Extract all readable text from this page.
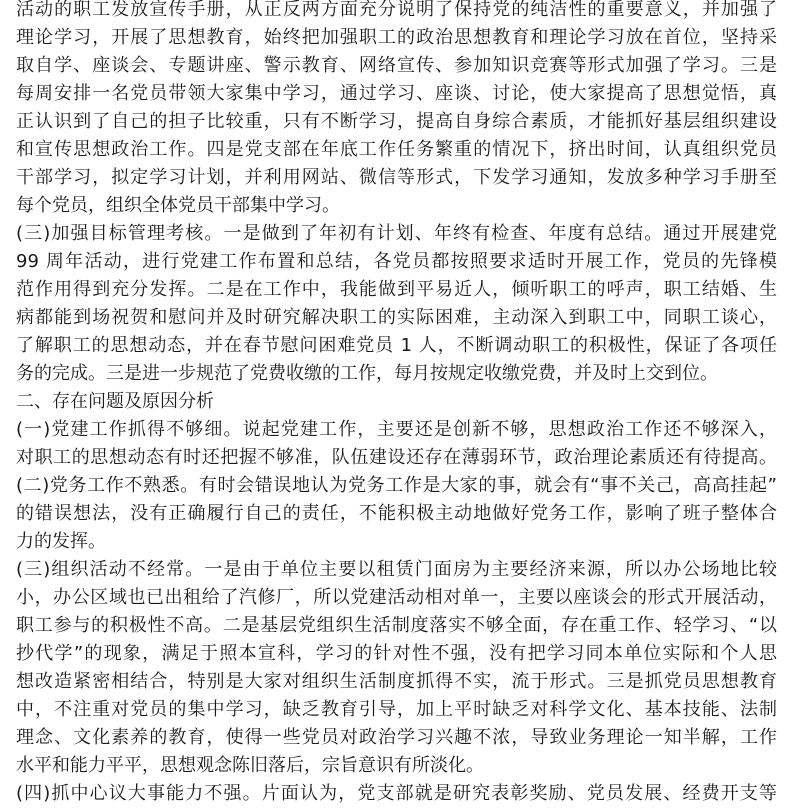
活动的职工发放宣传手册，从正反两方面充分说明了保持党的纯洁性的重要意义，并加强了
理论学习，开展了思想教育，始终把加强职工的政治思想教育和理论学习放在首位，坚持采
取自学、座谈会、专题讲座、警示教育、网络宣传、参加知识竞赛等形式加强了学习。三是
每周安排一名党员带领大家集中学习，通过学习、座谈、讨论，使大家提高了思想觉悟，真
正认识到了自己的担子比较重，只有不断学习，提高自身综合素质，才能抓好基层组织建设
和宣传思想政治工作。四是党支部在年底工作任务繁重的情况下，挤出时间，认真组织党员
干部学习，拟定学习计划，并利用网站、微信等形式，下发学习通知，发放多种学习手册至
每个党员，组织全体党员干部集中学习。
(三)加强目标管理考核。一是做到了年初有计划、年终有检查、年度有总结。通过开展建党
99 周年活动，进行党建工作布置和总结，各党员都按照要求适时开展工作，党员的先锋模
范作用得到充分发挥。二是在工作中，我能做到平易近人，倾听职工的呼声，职工结婚、生
病都能到场祝贺和慰问并及时研究解决职工的实际困难，主动深入到职工中，同职工谈心，
了解职工的思想动态，并在春节慰问困难党员 1 人，不断调动职工的积极性，保证了各项任
务的完成。三是进一步规范了党费收缴的工作，每月按规定收缴党费，并及时上交到位。
二、存在问题及原因分析
(一)党建工作抓得不够细。说起党建工作，主要还是创新不够，思想政治工作还不够深入，
对职工的思想动态有时还把握不够准，队伍建设还存在薄弱环节，政治理论素质还有待提高。
(二)党务工作不熟悉。有时会错误地认为党务工作是大家的事，就会有“事不关己，高高挂起”
的错误想法，没有正确履行自己的责任，不能积极主动地做好党务工作，影响了班子整体合
力的发挥。
(三)组织活动不经常。一是由于单位主要以租赁门面房为主要经济来源，所以办公场地比较
小，办公区域也已出租给了汽修厂，所以党建活动相对单一，主要以座谈会的形式开展活动，
职工参与的积极性不高。二是基层党组织生活制度落实不够全面，存在重工作、轻学习、“以
抄代学”的现象，满足于照本宣科，学习的针对性不强，没有把学习同本单位实际和个人思
想改造紧密相结合，特别是大家对组织生活制度抓得不实，流于形式。三是抓党员思想教育
中，不注重对党员的集中学习，缺乏教育引导，加上平时缺乏对科学文化、基本技能、法制
理念、文化素养的教育，使得一些党员对政治学习兴趣不浓，导致业务理论一知半解，工作
水平和能力平平，思想观念陈旧落后，宗旨意识有所淡化。
(四)抓中心议大事能力不强。片面认为，党支部就是研究表彰奖励、党员发展、经费开支等
